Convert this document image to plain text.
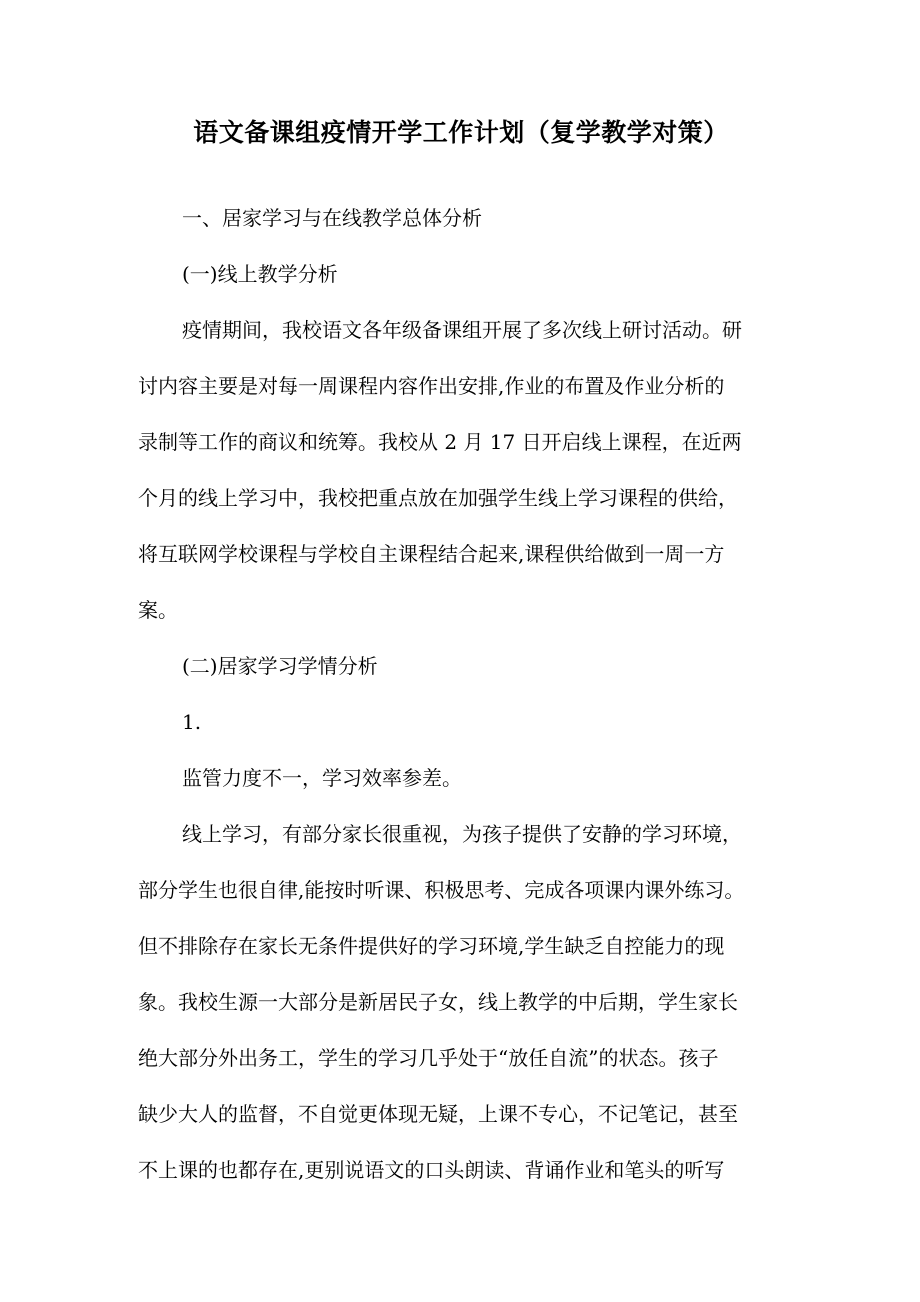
语文备课组疫情开学工作计划（复学教学对策）

一、居家学习与在线教学总体分析

(一)线上教学分析

疫情期间，我校语文各年级备课组开展了多次线上研讨活动。研

讨内容主要是对每一周课程内容作出安排,作业的布置及作业分析的

录制等工作的商议和统筹。我校从 2 月 17 日开启线上课程，在近两

个月的线上学习中，我校把重点放在加强学生线上学习课程的供给，

将互联网学校课程与学校自主课程结合起来,课程供给做到一周一方

案。

(二)居家学习学情分析

1.

监管力度不一，学习效率参差。

线上学习，有部分家长很重视，为孩子提供了安静的学习环境，

部分学生也很自律,能按时听课、积极思考、完成各项课内课外练习。

但不排除存在家长无条件提供好的学习环境,学生缺乏自控能力的现

象。我校生源一大部分是新居民子女，线上教学的中后期，学生家长

绝大部分外出务工，学生的学习几乎处于“放任自流”的状态。孩子

缺少大人的监督，不自觉更体现无疑，上课不专心，不记笔记，甚至

不上课的也都存在,更别说语文的口头朗读、背诵作业和笔头的听写
